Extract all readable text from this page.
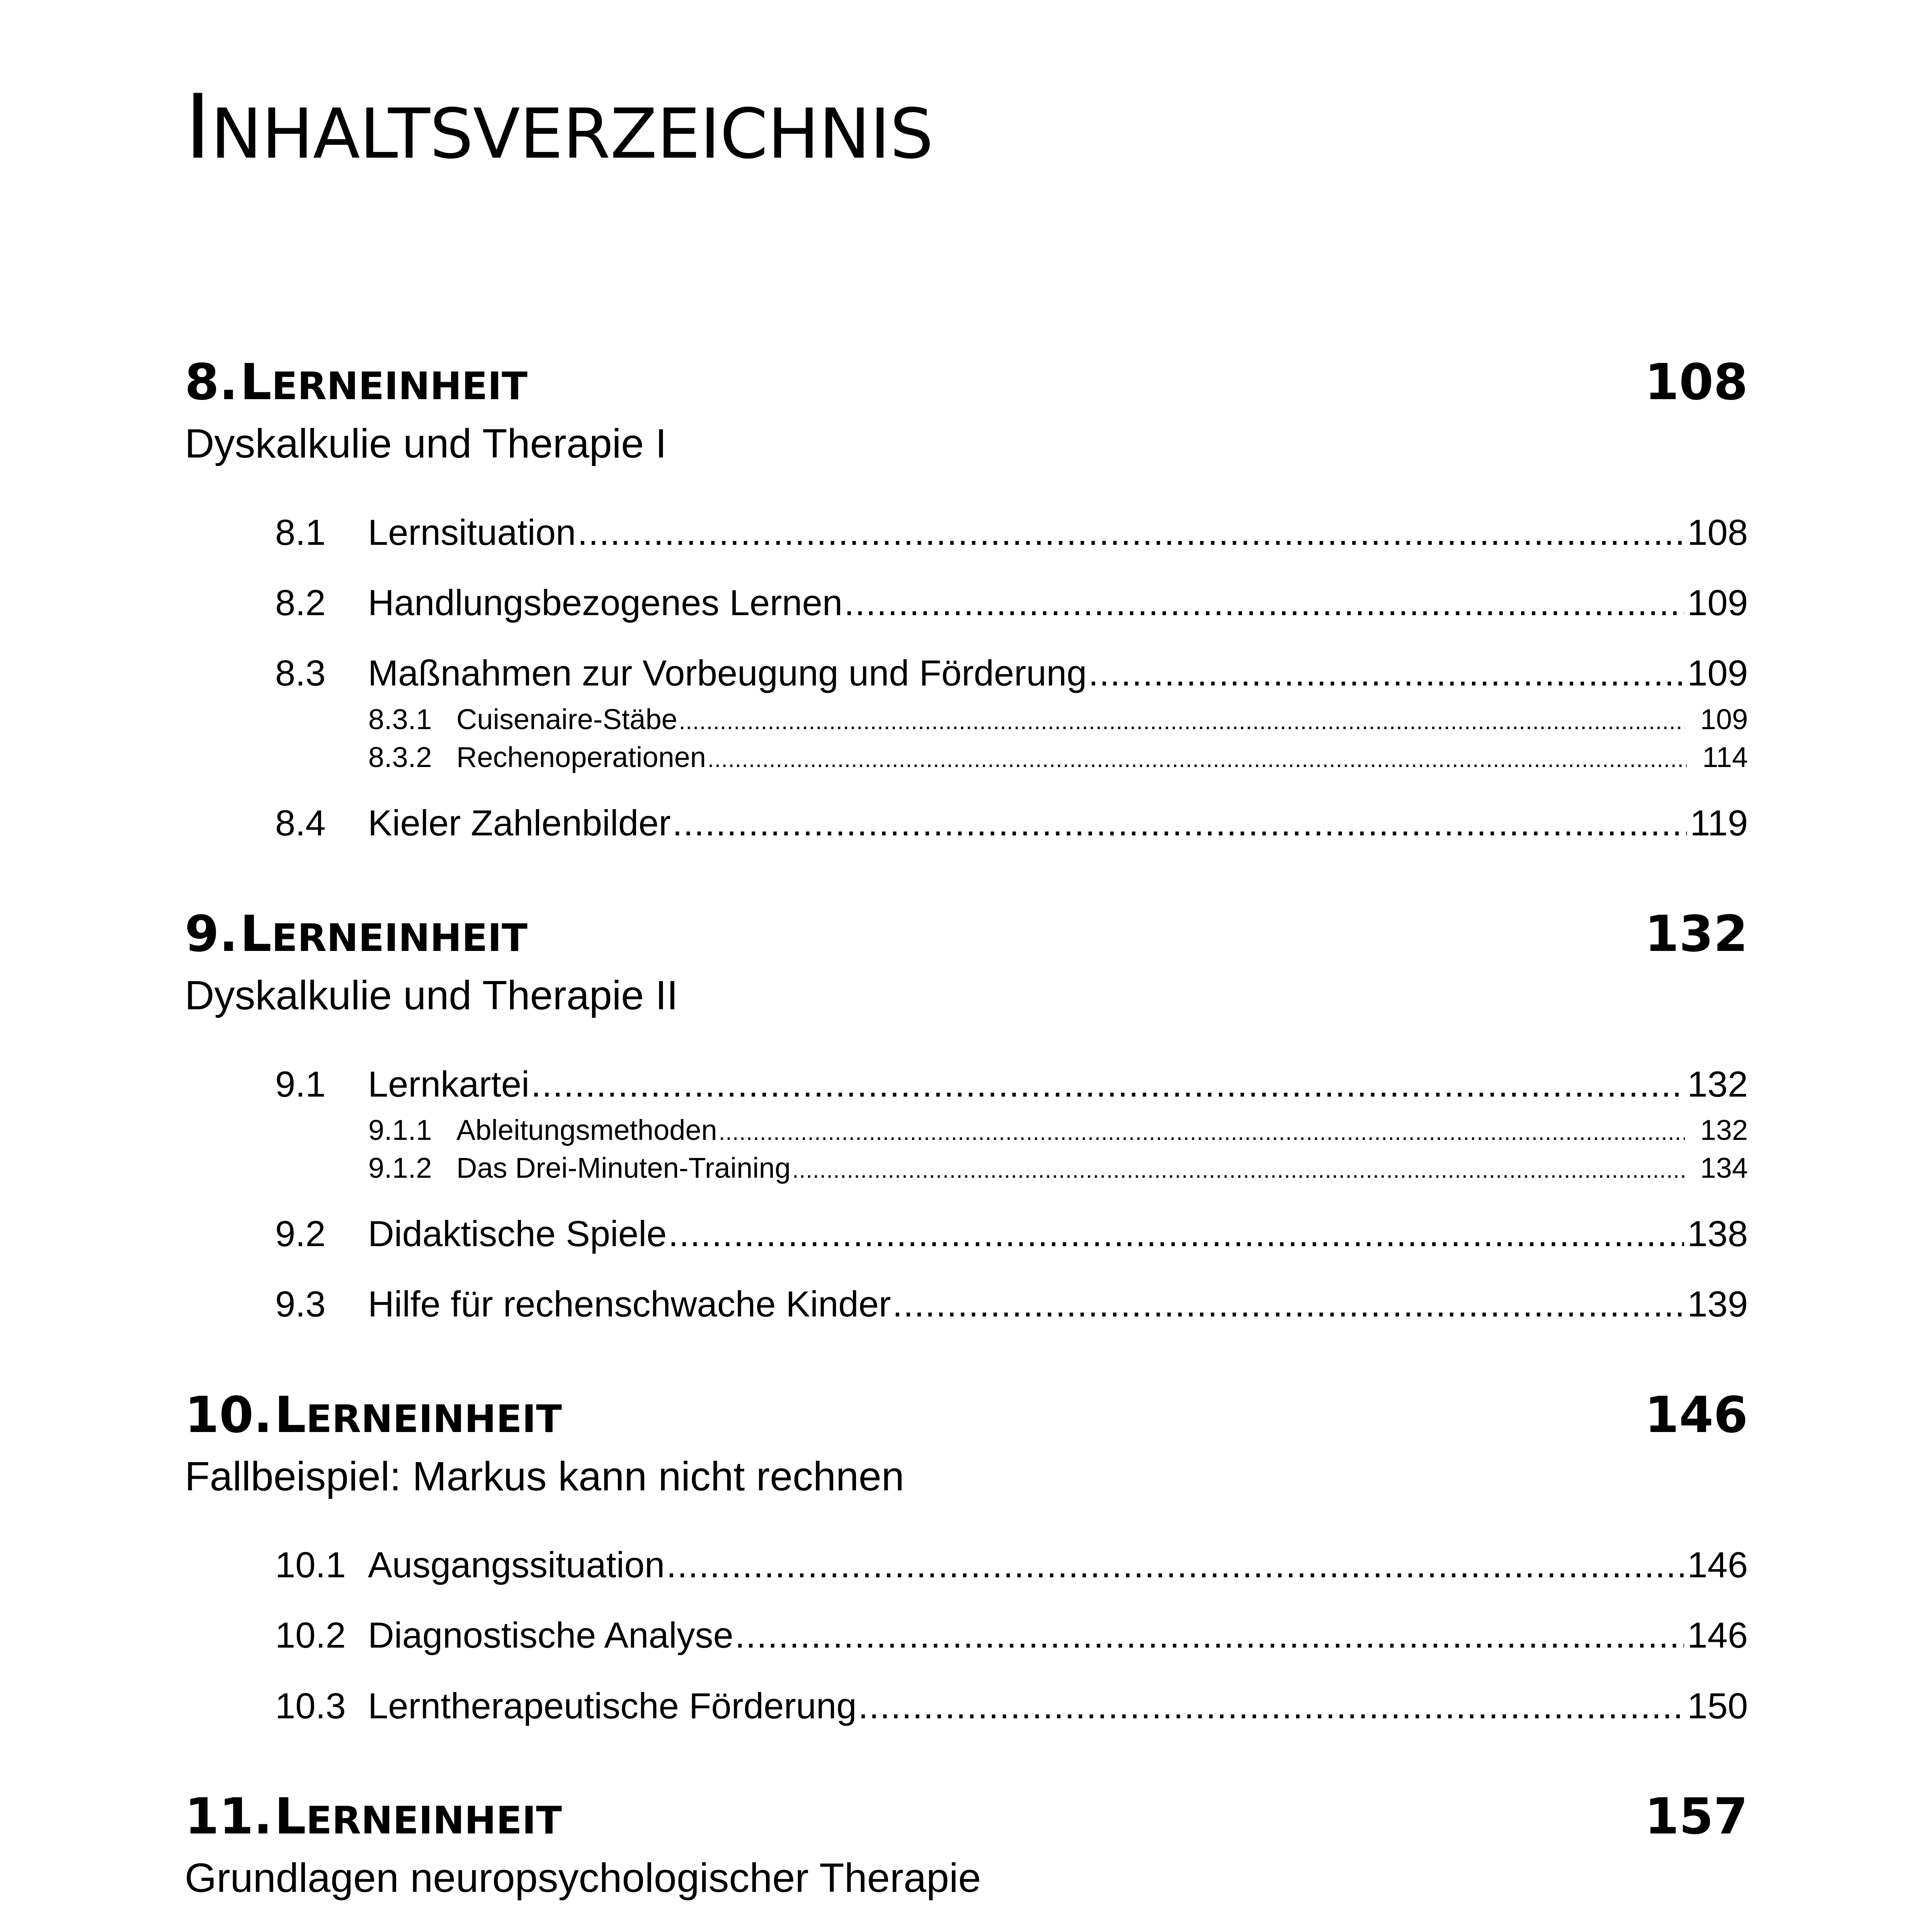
INHALTSVERZEICHNIS
8. LERNEINHEIT	108
Dyskalkulie und Therapie I
8.1	Lernsituation .....	108
8.2	Handlungsbezogenes Lernen .....	109
8.3	Maßnahmen zur Vorbeugung und Förderung .....	109
8.3.1 Cuisenaire-Stäbe .....	109
8.3.2 Rechenoperationen .....	114
8.4	Kieler Zahlenbilder .....	119
9. LERNEINHEIT	132
Dyskalkulie und Therapie II
9.1	Lernkartei .....	132
9.1.1 Ableitungsmethoden .....	132
9.1.2 Das Drei-Minuten-Training .....	134
9.2	Didaktische Spiele .....	138
9.3	Hilfe für rechenschwache Kinder .....	139
10. LERNEINHEIT	146
Fallbeispiel: Markus kann nicht rechnen
10.1 Ausgangssituation .....	146
10.2 Diagnostische Analyse .....	146
10.3 Lerntherapeutische Förderung .....	150
11. LERNEINHEIT	157
Grundlagen neuropsychologischer Therapie
